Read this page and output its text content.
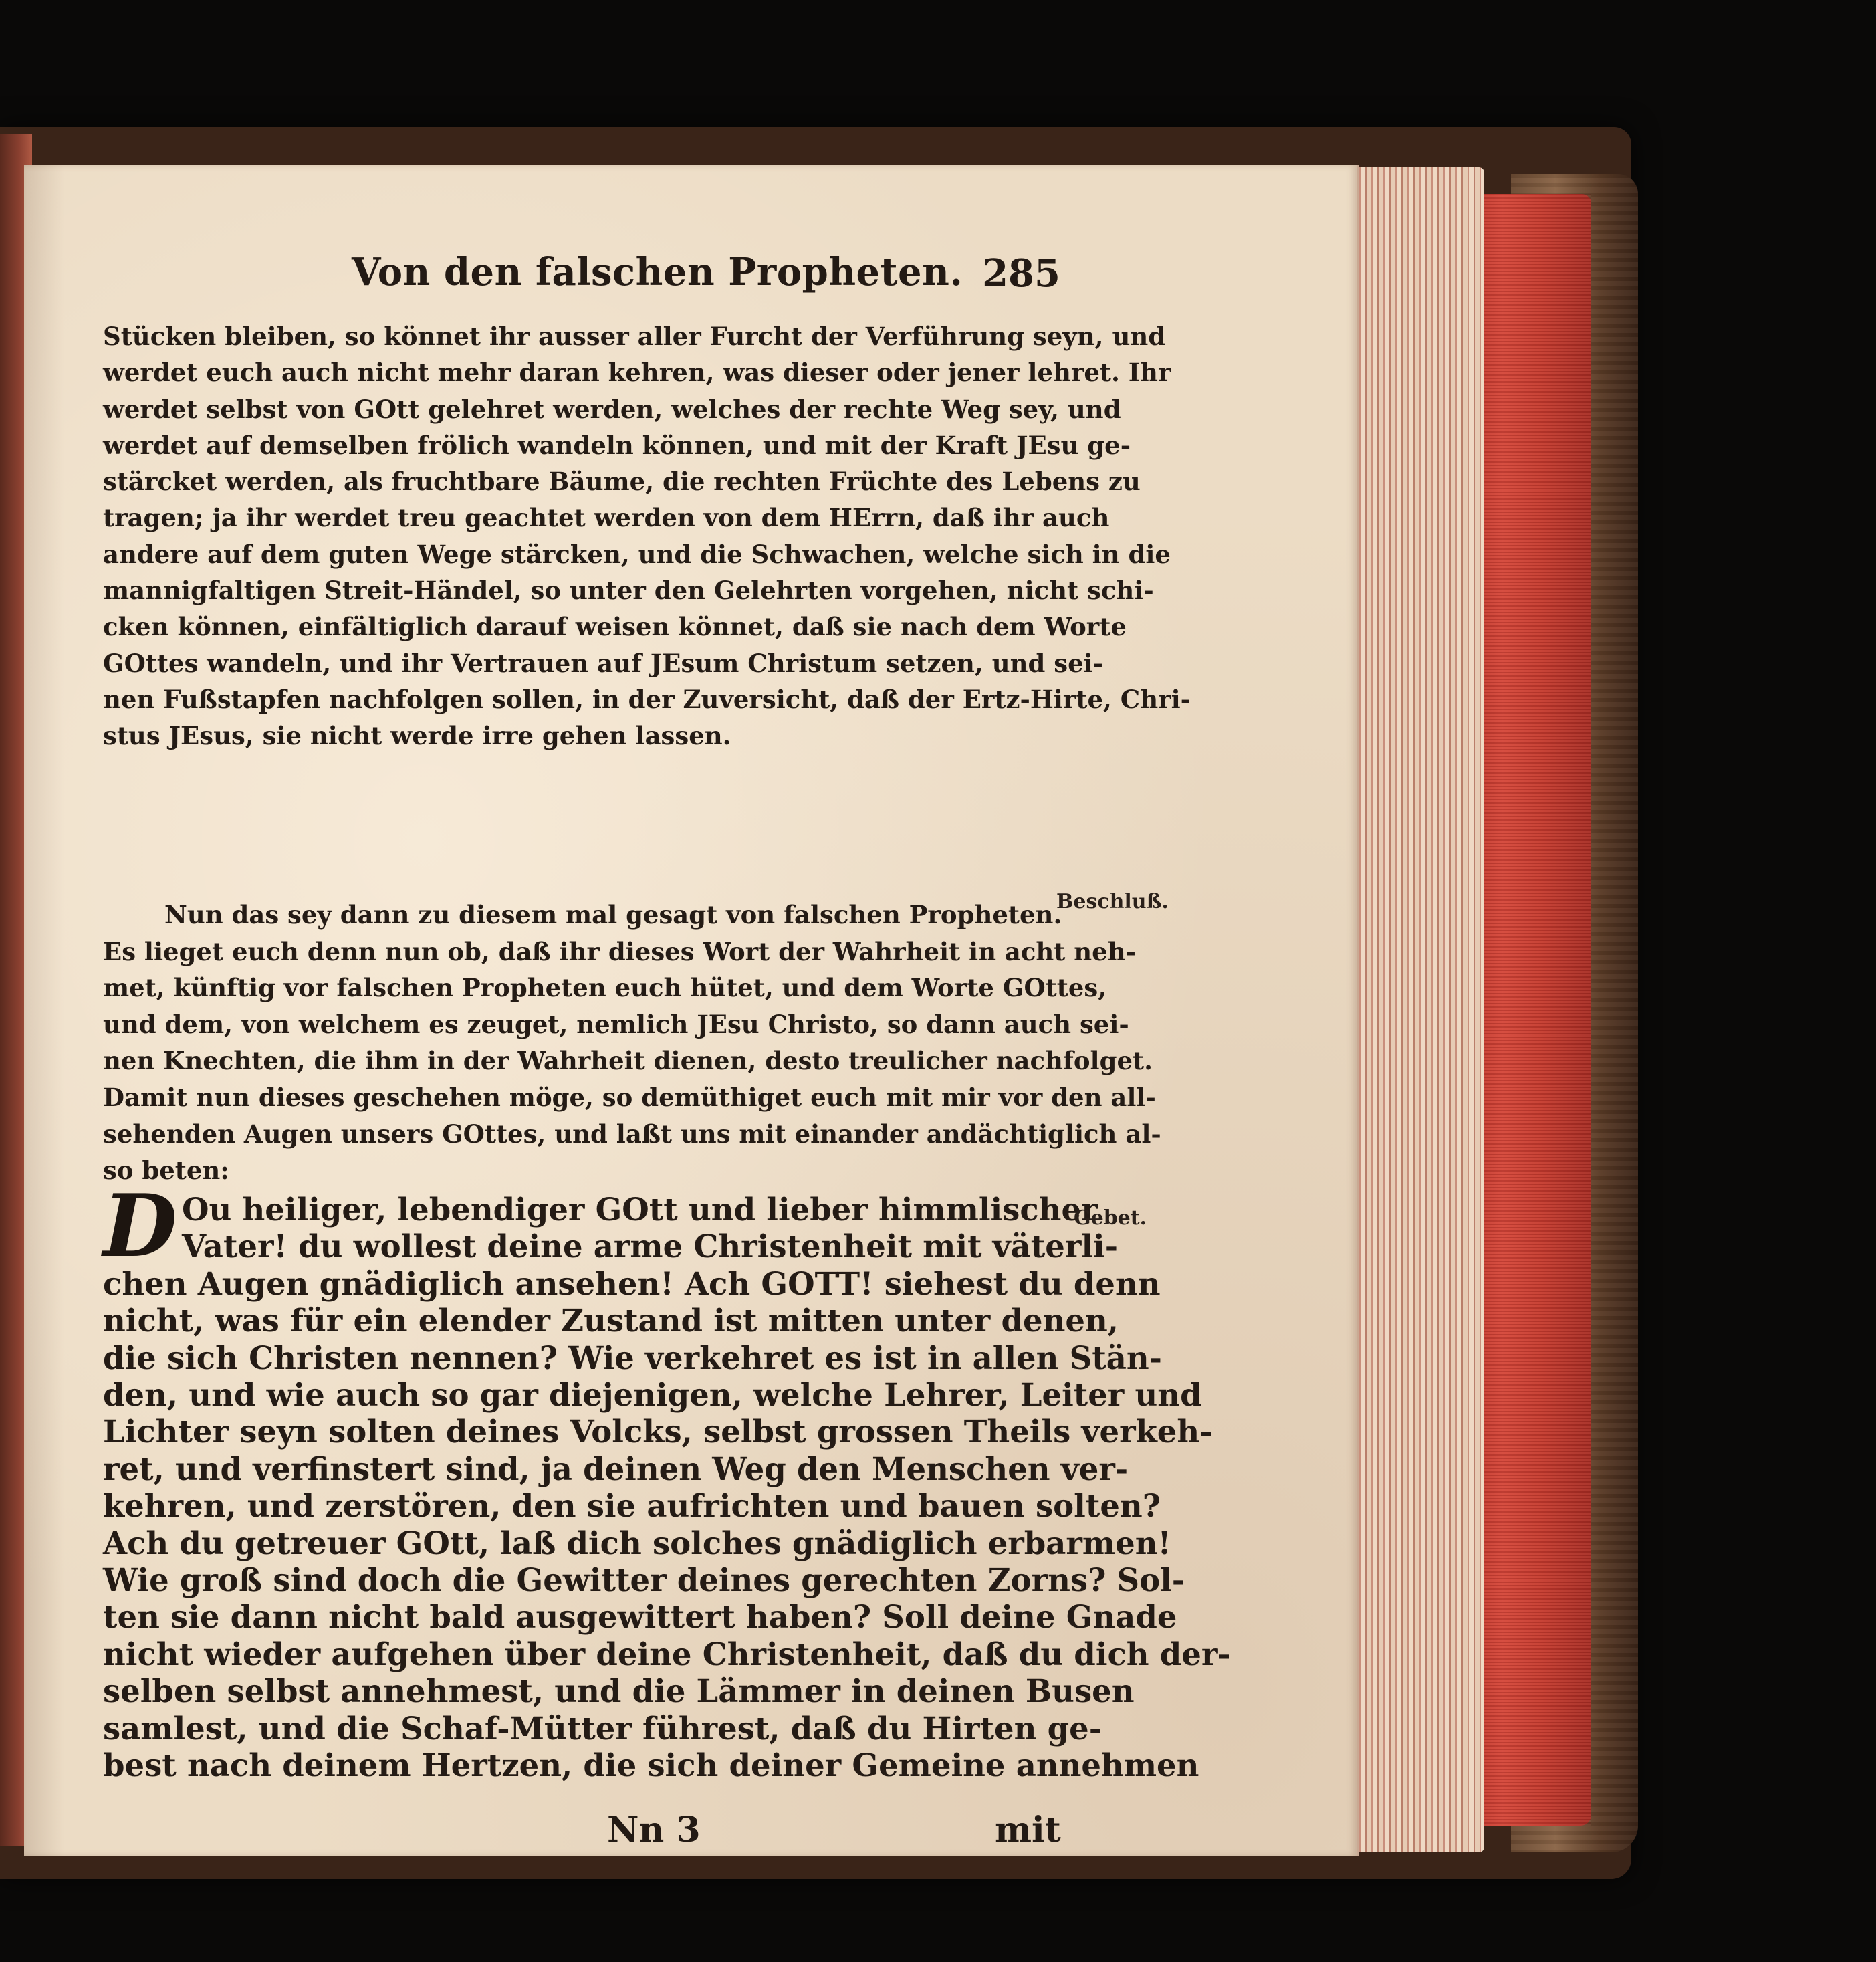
Von den falschen Propheten. 285
Stücken bleiben, so könnet ihr ausser aller Furcht der Verführung seyn, und
werdet euch auch nicht mehr daran kehren, was dieser oder jener lehret. Ihr
werdet selbst von GOtt gelehret werden, welches der rechte Weg sey, und
werdet auf demselben frölich wandeln können, und mit der Kraft JEsu ge-
stärcket werden, als fruchtbare Bäume, die rechten Früchte des Lebens zu
tragen; ja ihr werdet treu geachtet werden von dem HErrn, daß ihr auch
andere auf dem guten Wege stärcken, und die Schwachen, welche sich in die
mannigfaltigen Streit-Händel, so unter den Gelehrten vorgehen, nicht schi-
cken können, einfältiglich darauf weisen könnet, daß sie nach dem Worte
GOttes wandeln, und ihr Vertrauen auf JEsum Christum setzen, und sei-
nen Fußstapfen nachfolgen sollen, in der Zuversicht, daß der Ertz-Hirte, Chri-
stus JEsus, sie nicht werde irre gehen lassen.
Nun das sey dann zu diesem mal gesagt von falschen Propheten.
Es lieget euch denn nun ob, daß ihr dieses Wort der Wahrheit in acht neh-
met, künftig vor falschen Propheten euch hütet, und dem Worte GOttes,
und dem, von welchem es zeuget, nemlich JEsu Christo, so dann auch sei-
nen Knechten, die ihm in der Wahrheit dienen, desto treulicher nachfolget.
Damit nun dieses geschehen möge, so demüthiget euch mit mir vor den all-
sehenden Augen unsers GOttes, und laßt uns mit einander andächtiglich al-
so beten:
D Ou heiliger, lebendiger GOtt und lieber himmlischer
Vater! du wollest deine arme Christenheit mit väterli-
chen Augen gnädiglich ansehen! Ach GOTT! siehest du denn
nicht, was für ein elender Zustand ist mitten unter denen,
die sich Christen nennen? Wie verkehret es ist in allen Stän-
den, und wie auch so gar diejenigen, welche Lehrer, Leiter und
Lichter seyn solten deines Volcks, selbst grossen Theils verkeh-
ret, und verfinstert sind, ja deinen Weg den Menschen ver-
kehren, und zerstören, den sie aufrichten und bauen solten?
Ach du getreuer GOtt, laß dich solches gnädiglich erbarmen!
Wie groß sind doch die Gewitter deines gerechten Zorns? Sol-
ten sie dann nicht bald ausgewittert haben? Soll deine Gnade
nicht wieder aufgehen über deine Christenheit, daß du dich der-
selben selbst annehmest, und die Lämmer in deinen Busen
samlest, und die Schaf-Mütter führest, daß du Hirten ge-
best nach deinem Hertzen, die sich deiner Gemeine annehmen
Beschluß.
Gebet.
Nn 3	mit
